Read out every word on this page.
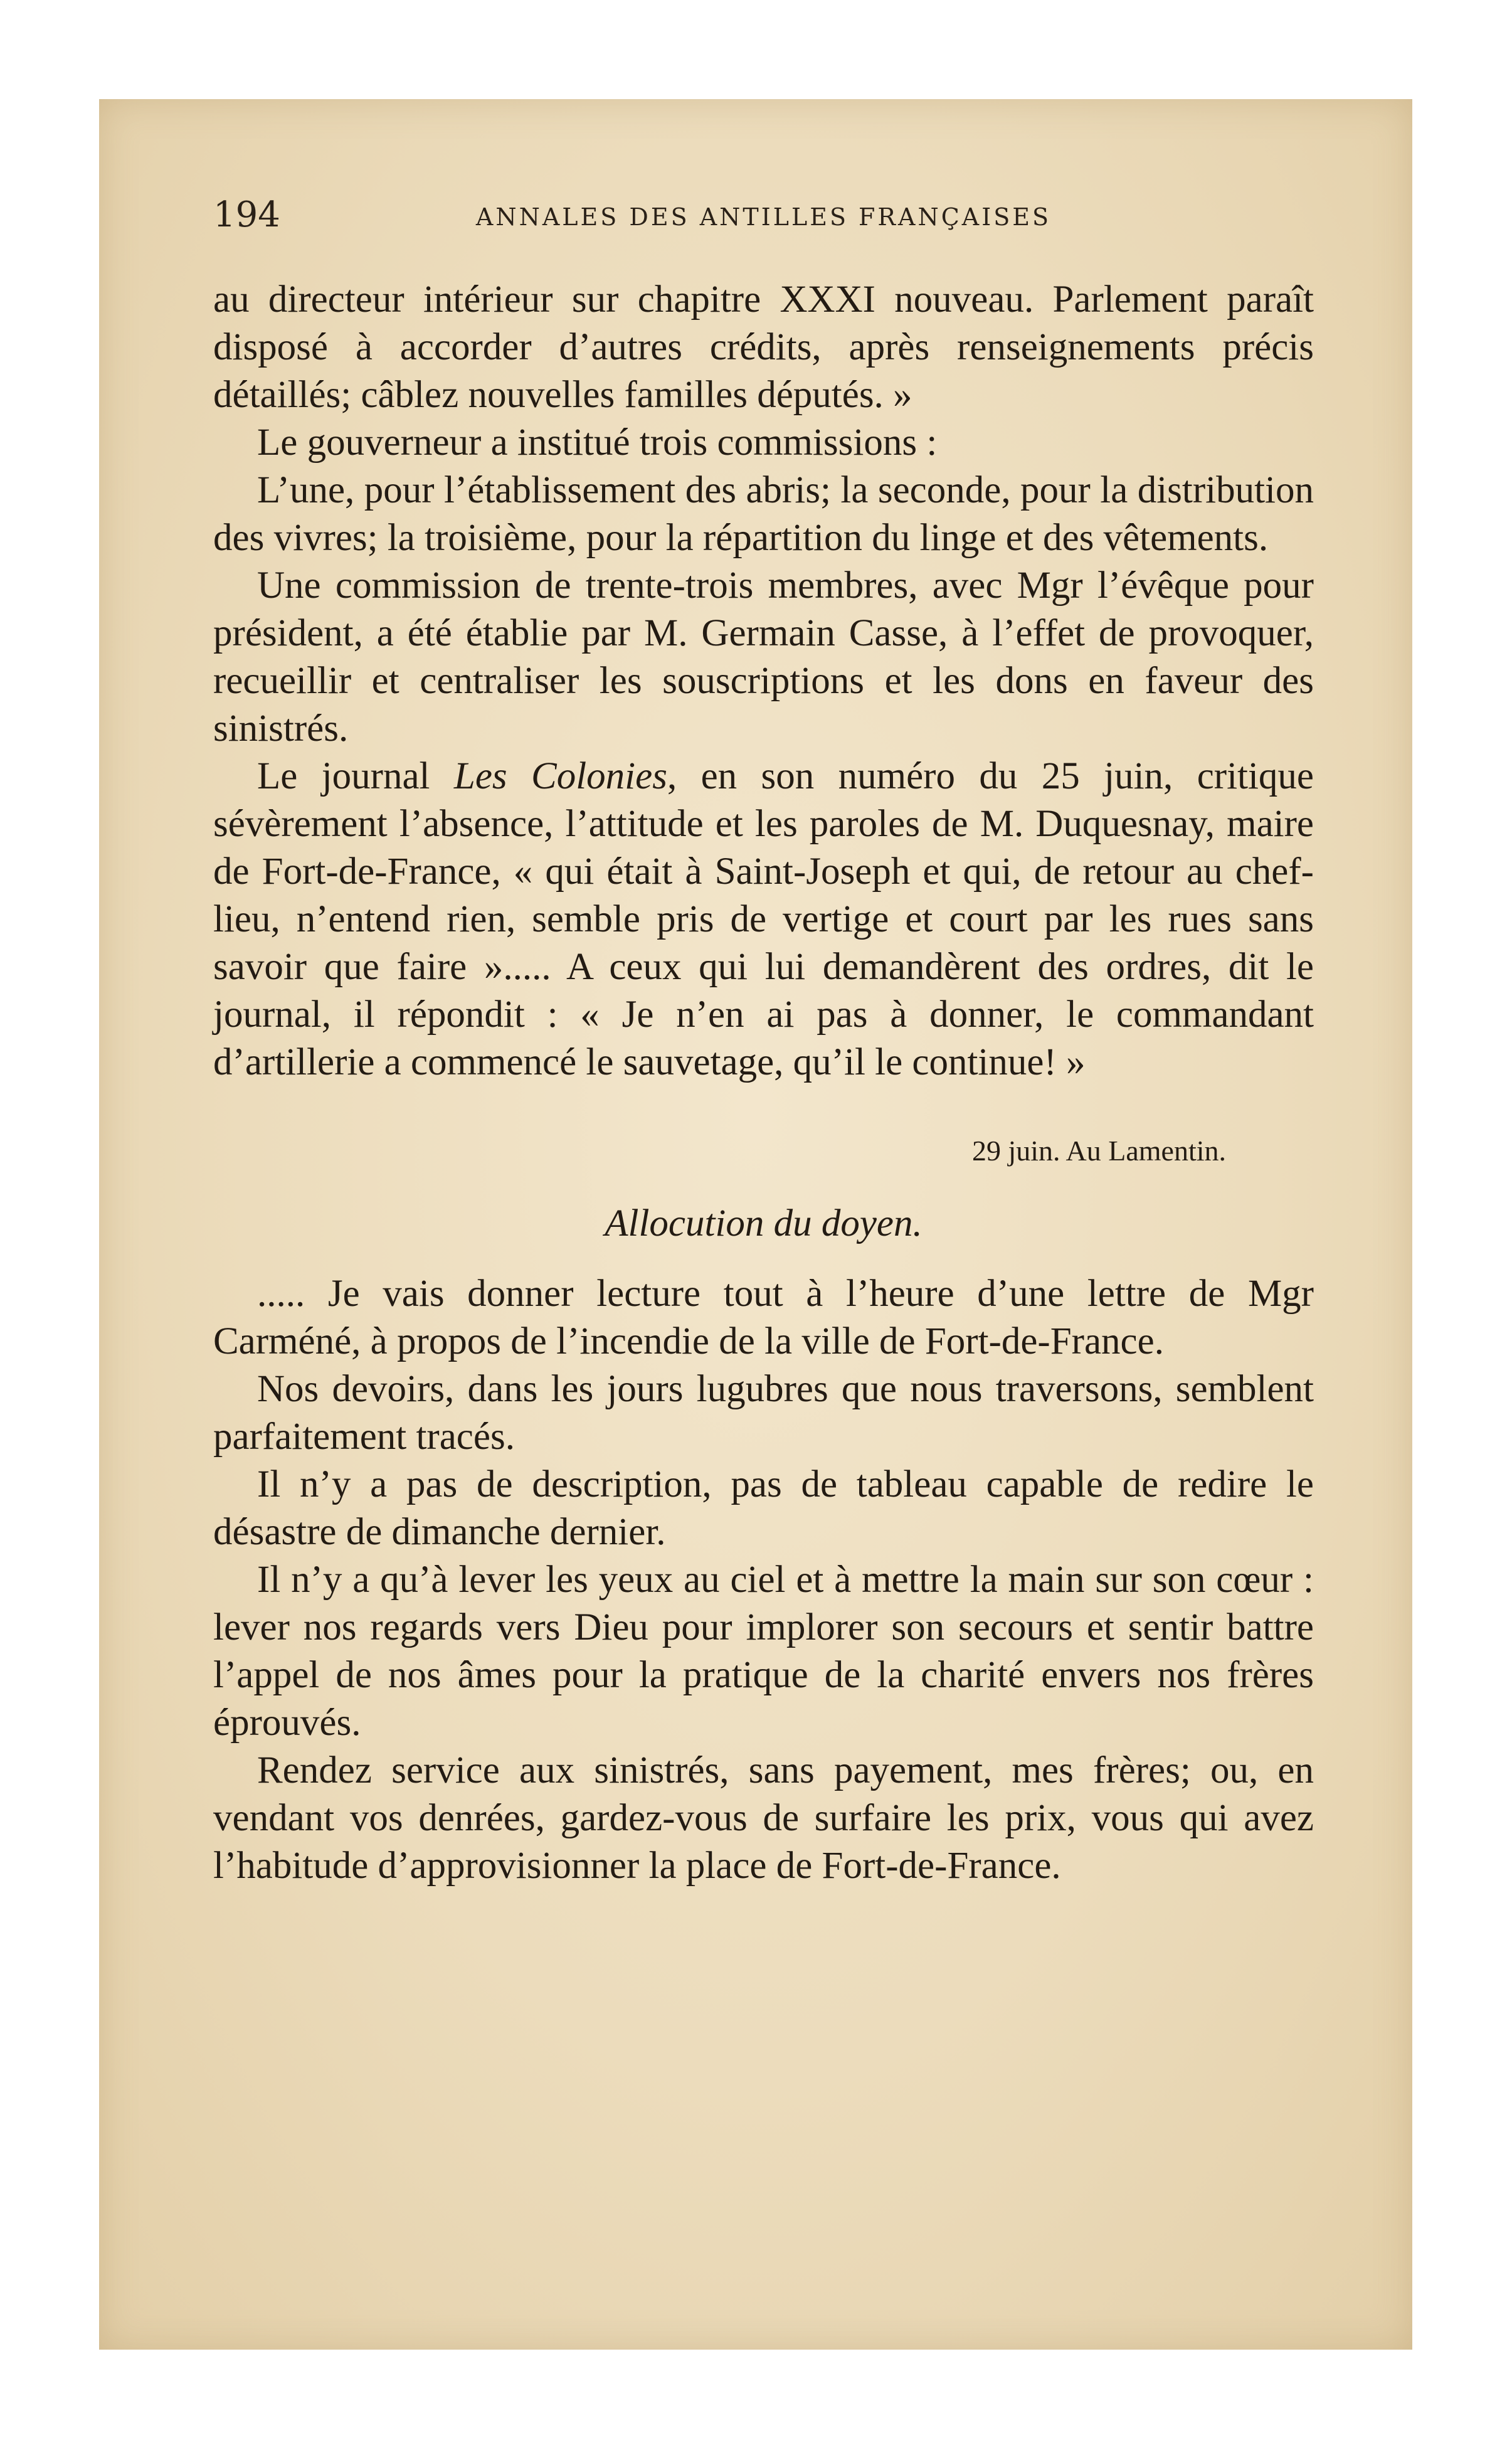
194	ANNALES DES ANTILLES FRANÇAISES

au directeur intérieur sur chapitre XXXI nouveau. Parlement paraît disposé à accorder d’autres crédits, après renseignements précis détaillés; câblez nouvelles familles députés. »

Le gouverneur a institué trois commissions :

L’une, pour l’établissement des abris; la seconde, pour la distribution des vivres; la troisième, pour la répartition du linge et des vêtements.

Une commission de trente-trois membres, avec Mgr l’évêque pour président, a été établie par M. Germain Casse, à l’effet de provoquer, recueillir et centraliser les souscriptions et les dons en faveur des sinistrés.

Le journal Les Colonies, en son numéro du 25 juin, critique sévèrement l’absence, l’attitude et les paroles de M. Duquesnay, maire de Fort-de-France, « qui était à Saint-Joseph et qui, de retour au chef-lieu, n’entend rien, semble pris de vertige et court par les rues sans savoir que faire »..... A ceux qui lui demandèrent des ordres, dit le journal, il répondit : « Je n’en ai pas à donner, le commandant d’artillerie a commencé le sauvetage, qu’il le continue! »

29 juin. Au Lamentin.
Allocution du doyen.

..... Je vais donner lecture tout à l’heure d’une lettre de Mgr Carméné, à propos de l’incendie de la ville de Fort-de-France.

Nos devoirs, dans les jours lugubres que nous traversons, semblent parfaitement tracés.

Il n’y a pas de description, pas de tableau capable de redire le désastre de dimanche dernier.

Il n’y a qu’à lever les yeux au ciel et à mettre la main sur son cœur : lever nos regards vers Dieu pour implorer son secours et sentir battre l’appel de nos âmes pour la pratique de la charité envers nos frères éprouvés.

Rendez service aux sinistrés, sans payement, mes frères; ou, en vendant vos denrées, gardez-vous de surfaire les prix, vous qui avez l’habitude d’approvisionner la place de Fort-de-France.
